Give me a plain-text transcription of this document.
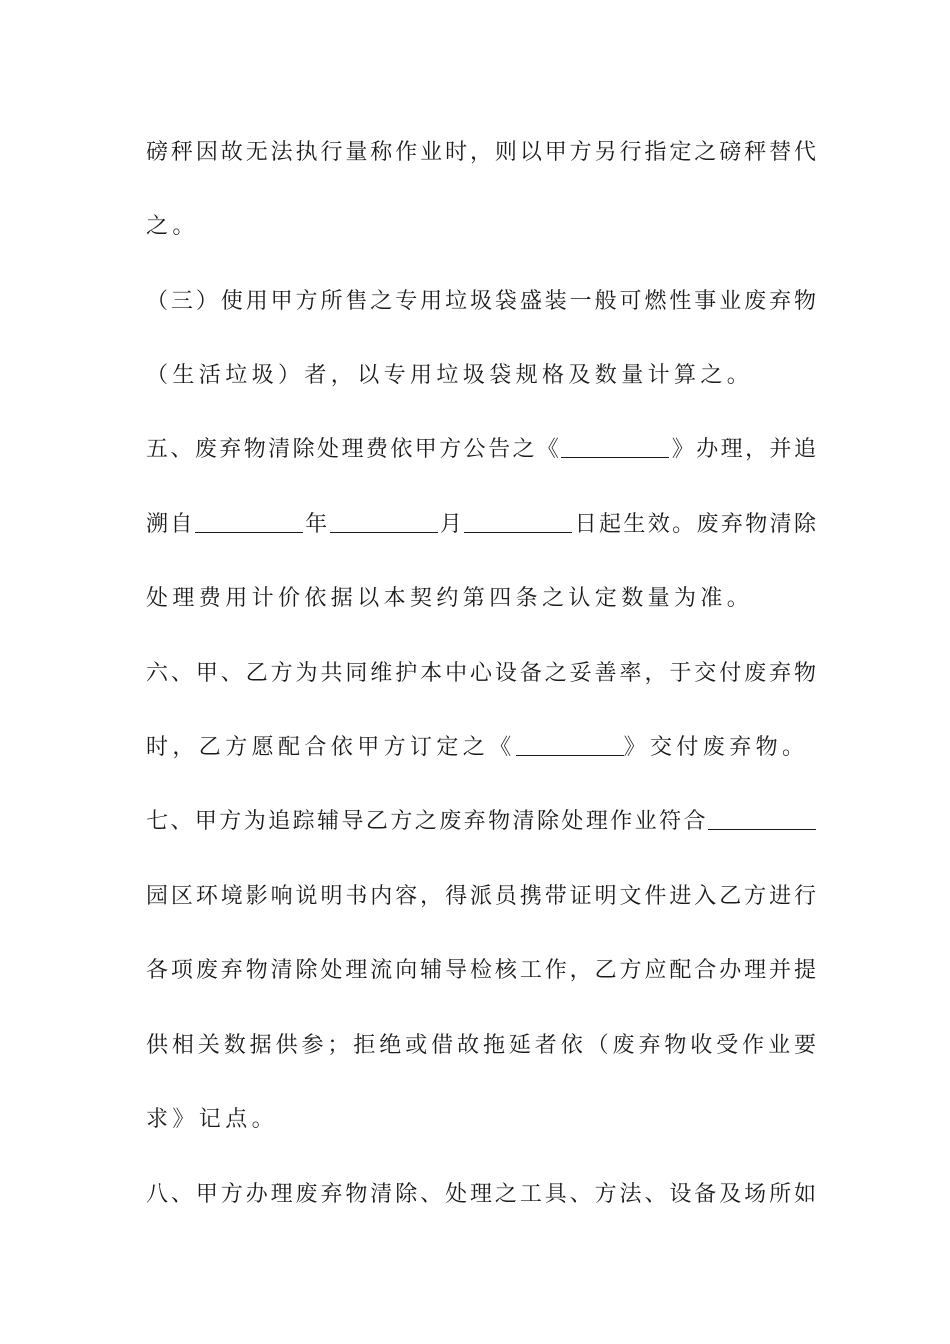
磅秤因故无法执行量称作业时，则以甲方另行指定之磅秤替代
之。
（三）使用甲方所售之专用垃圾袋盛装一般可燃性事业废弃物
（生活垃圾）者，以专用垃圾袋规格及数量计算之。
五、废弃物清除处理费依甲方公告之《	》办理，并追
溯自	年	月	日起生效。废弃物清除
处理费用计价依据以本契约第四条之认定数量为准。
六、甲、乙方为共同维护本中心设备之妥善率，于交付废弃物
时，乙方愿配合依甲方订定之《	》交付废弃物。
七、甲方为追踪辅导乙方之废弃物清除处理作业符合
园区环境影响说明书内容，得派员携带证明文件进入乙方进行
各项废弃物清除处理流向辅导检核工作，乙方应配合办理并提
供相关数据供参；拒绝或借故拖延者依（废弃物收受作业要
求》记点。
八、甲方办理废弃物清除、处理之工具、方法、设备及场所如
